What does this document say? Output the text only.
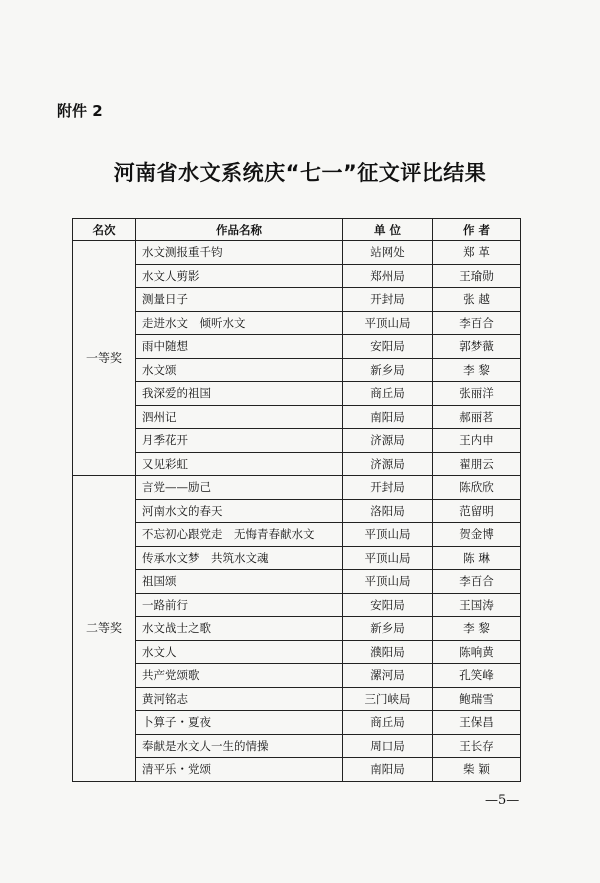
附件 2
河南省水文系统庆“七一”征文评比结果
名次	作品名称	单 位	作 者
一等奖	水文测报重千钧	站网处	郑 革
	水文人剪影	郑州局	王瑜勋
	测量日子	开封局	张 越
	走进水文　倾听水文	平顶山局	李百合
	雨中随想	安阳局	郭梦薇
	水文颂	新乡局	李 黎
	我深爱的祖国	商丘局	张丽洋
	泗州记	南阳局	郝丽茗
	月季花开	济源局	王内申
	又见彩虹	济源局	翟朋云
二等奖	言党——励己	开封局	陈欣欣
	河南水文的春天	洛阳局	范留明
	不忘初心跟党走　无悔青春献水文	平顶山局	贺金博
	传承水文梦　共筑水文魂	平顶山局	陈 琳
	祖国颂	平顶山局	李百合
	一路前行	安阳局	王国涛
	水文战士之歌	新乡局	李 黎
	水文人	濮阳局	陈响黄
	共产党颂歌	漯河局	孔笑峰
	黄河铭志	三门峡局	鲍瑞雪
	卜算子・夏夜	商丘局	王保昌
	奉献是水文人一生的情操	周口局	王长存
	清平乐・党颂	南阳局	柴 颖
—5—
